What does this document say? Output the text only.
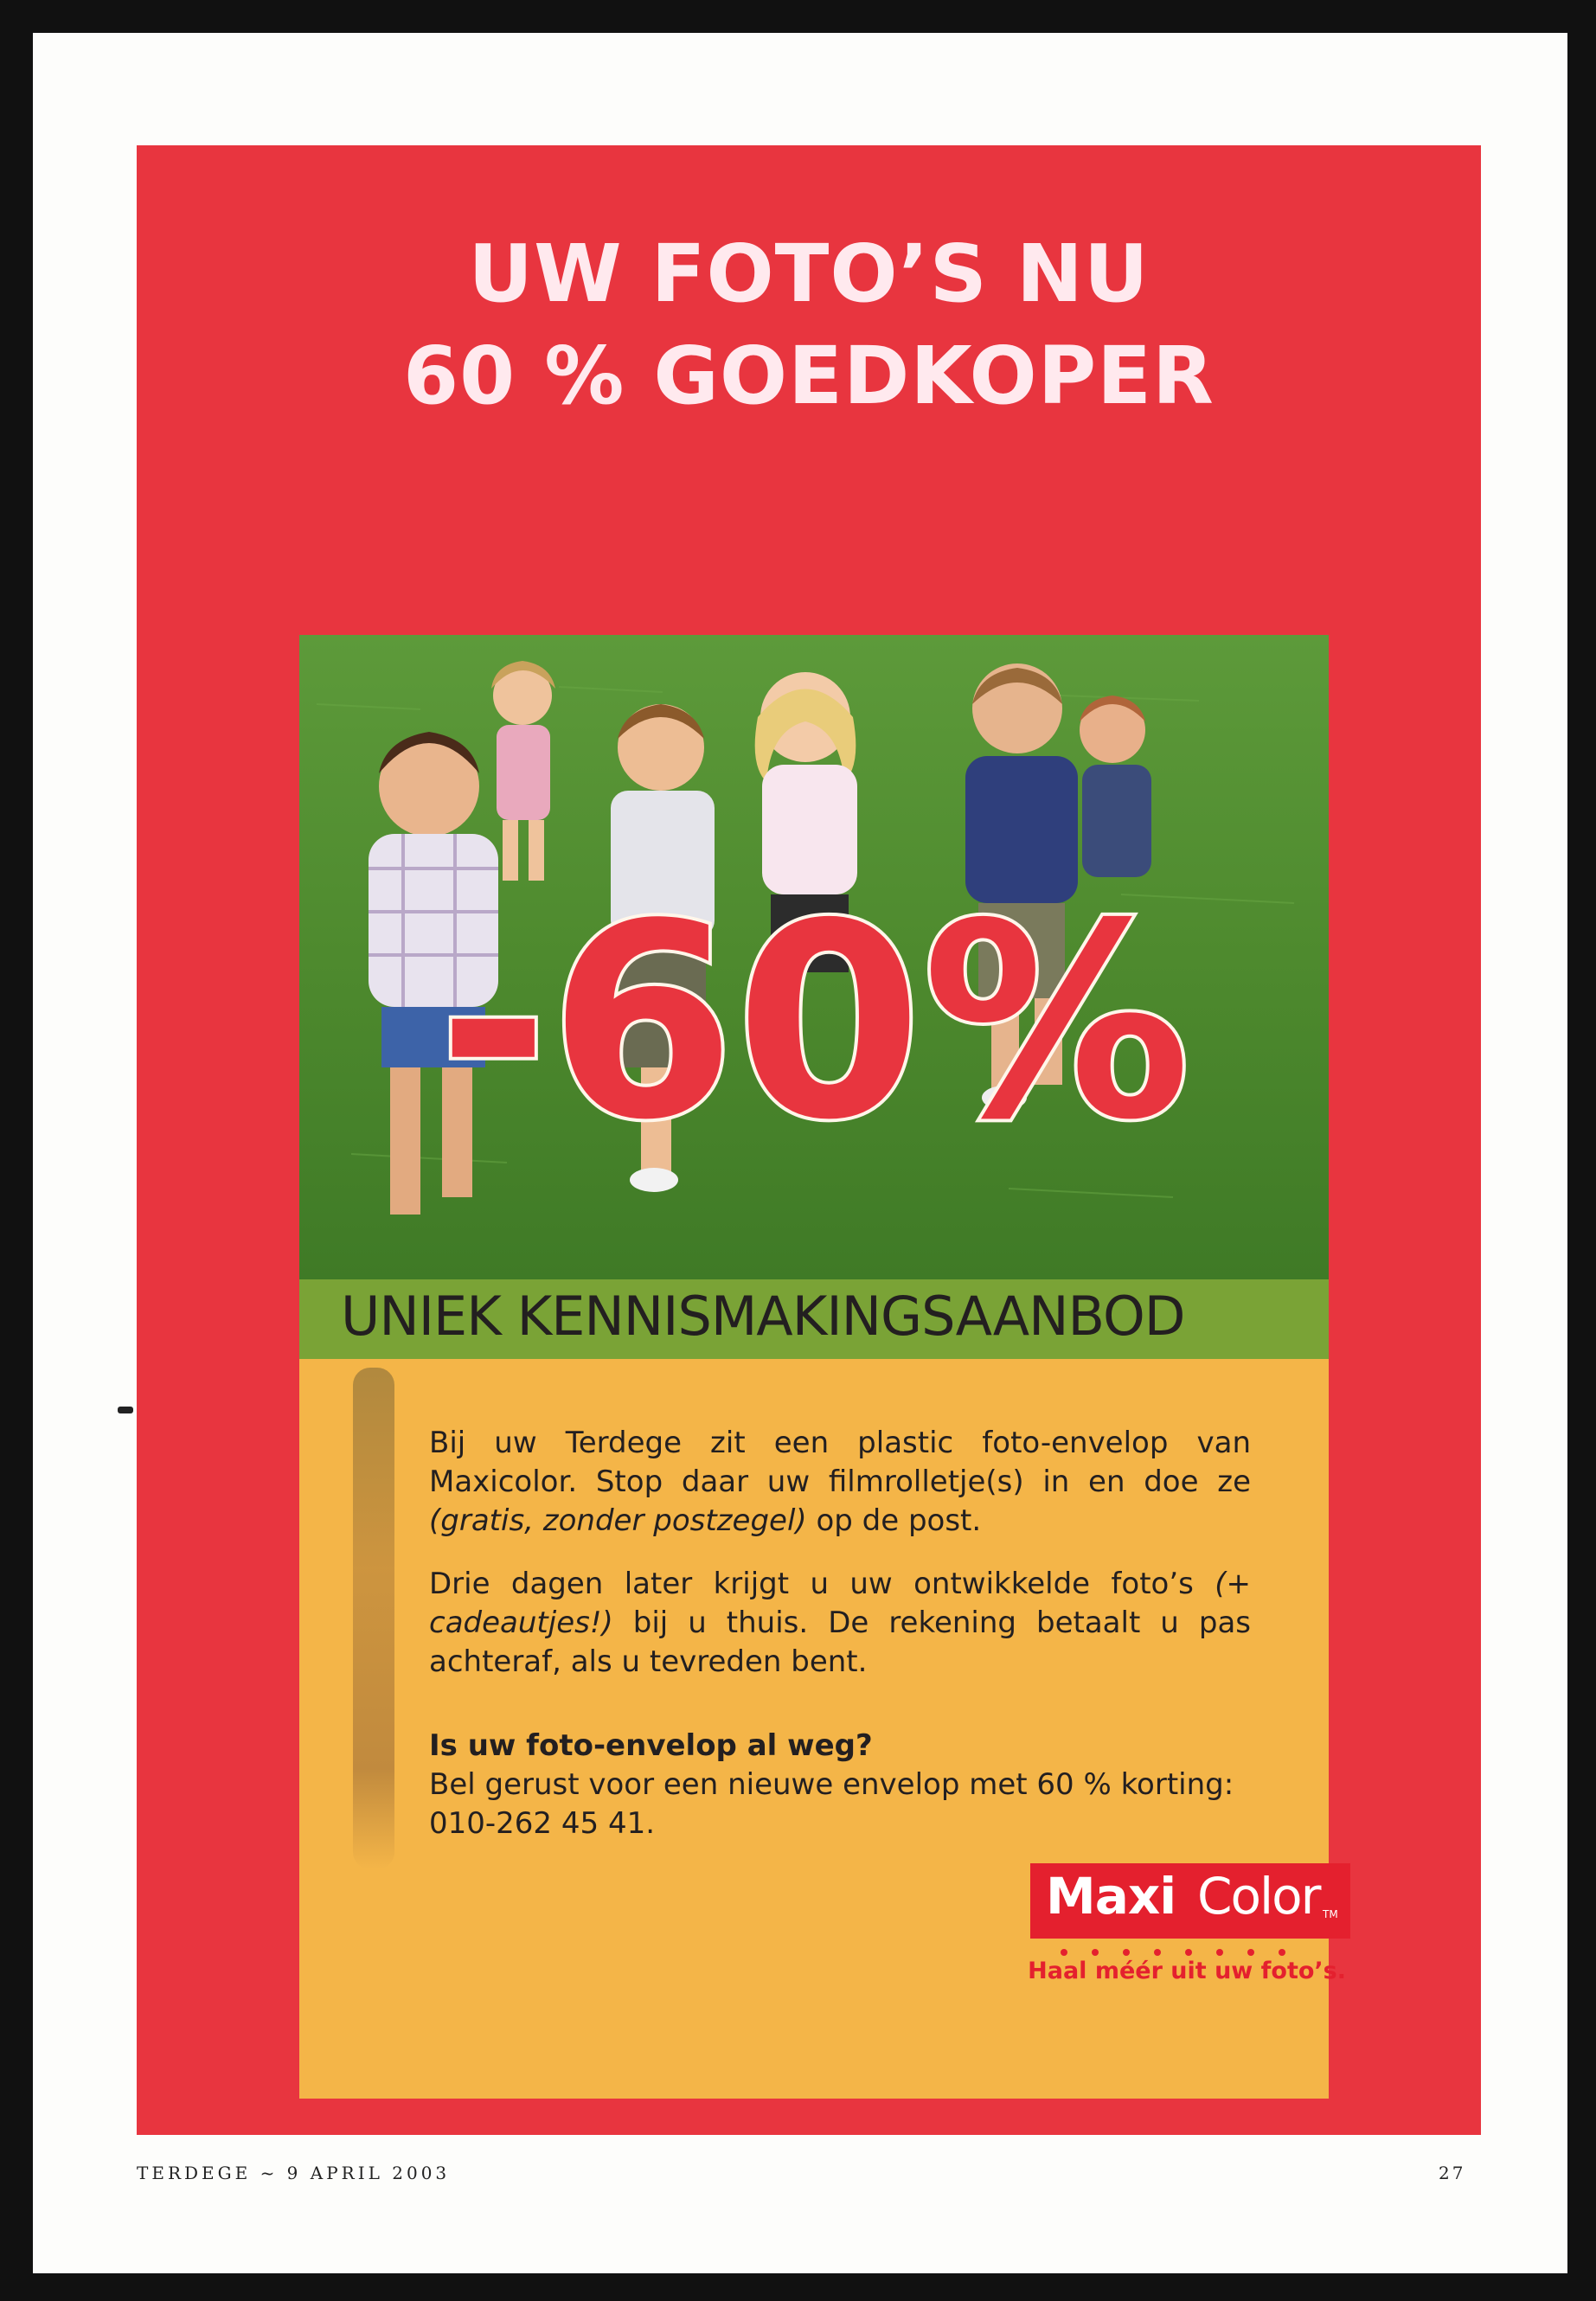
UW FOTO’S NU
60 % GOEDKOPER
-60%
UNIEK KENNISMAKINGSAANBOD

Bij uw Terdege zit een plastic foto-envelop van Maxicolor. Stop daar uw filmrolletje(s) in en doe ze (gratis, zonder postzegel) op de post.

Drie dagen later krijgt u uw ontwikkelde foto’s (+ cadeautjes!) bij u thuis. De rekening betaalt u pas achteraf, als u tevreden bent.

Is uw foto-envelop al weg?

Bel gerust voor een nieuwe envelop met 60 % korting: 010-262 45 41.

Maxi Color TM
Haal méér uit uw foto’s.
TERDEGE ~ 9 APRIL 2003	27
